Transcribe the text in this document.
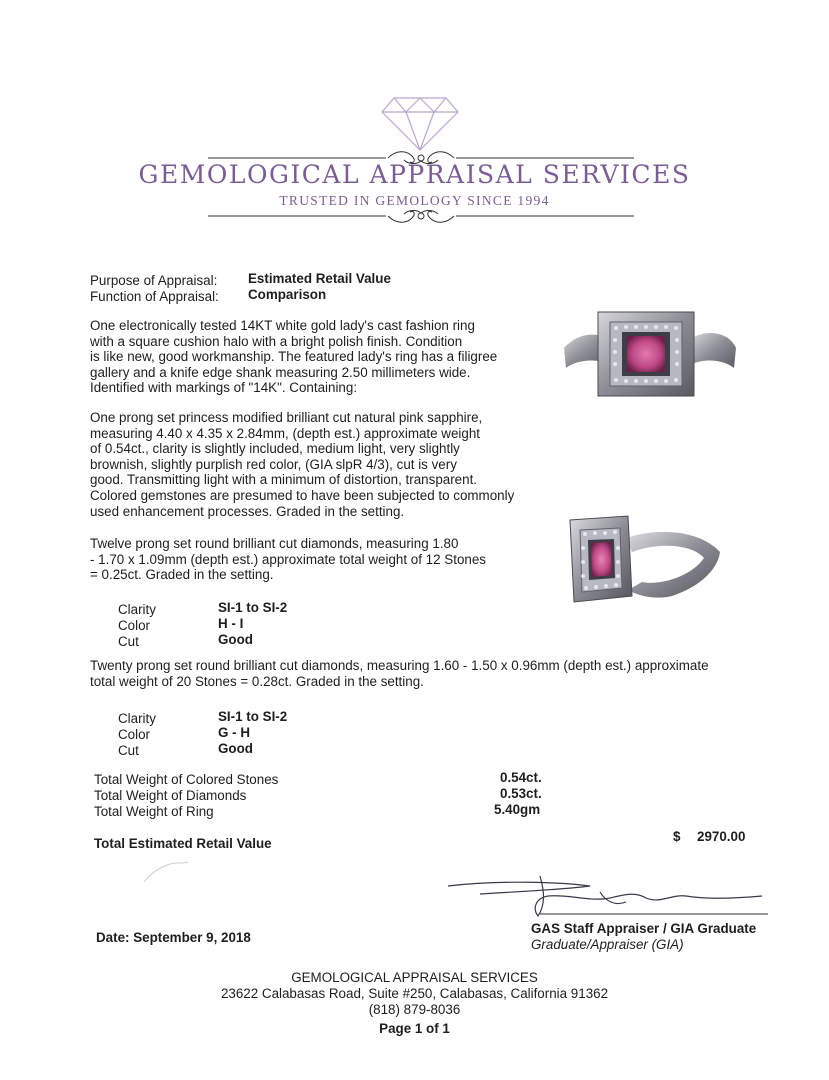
GEMOLOGICAL APPRAISAL SERVICES
TRUSTED IN GEMOLOGY SINCE 1994
Purpose of Appraisal: Estimated Retail Value
Function of Appraisal: Comparison
One electronically tested 14KT white gold lady's cast fashion ring
with a square cushion halo with a bright polish finish. Condition
is like new, good workmanship. The featured lady's ring has a filigree
gallery and a knife edge shank measuring 2.50 millimeters wide.
Identified with markings of "14K". Containing:
One prong set princess modified brilliant cut natural pink sapphire,
measuring 4.40 x 4.35 x 2.84mm, (depth est.) approximate weight
of 0.54ct., clarity is slightly included, medium light, very slightly
brownish, slightly purplish red color, (GIA slpR 4/3), cut is very
good. Transmitting light with a minimum of distortion, transparent.
Colored gemstones are presumed to have been subjected to commonly
used enhancement processes. Graded in the setting.
Twelve prong set round brilliant cut diamonds, measuring 1.80
- 1.70 x 1.09mm (depth est.) approximate total weight of 12 Stones
= 0.25ct. Graded in the setting.
Clarity	SI-1 to SI-2
Color	H - I
Cut	Good
Twenty prong set round brilliant cut diamonds, measuring 1.60 - 1.50 x 0.96mm (depth est.) approximate
total weight of 20 Stones = 0.28ct. Graded in the setting.
Clarity	SI-1 to SI-2
Color	G - H
Cut	Good
Total Weight of Colored Stones	0.54ct.
Total Weight of Diamonds	0.53ct.
Total Weight of Ring	5.40gm
Total Estimated Retail Value	$ 2970.00
Date: September 9, 2018
GAS Staff Appraiser / GIA Graduate
Graduate/Appraiser (GIA)
GEMOLOGICAL APPRAISAL SERVICES
23622 Calabasas Road, Suite #250, Calabasas, California 91362
(818) 879-8036
Page 1 of 1
